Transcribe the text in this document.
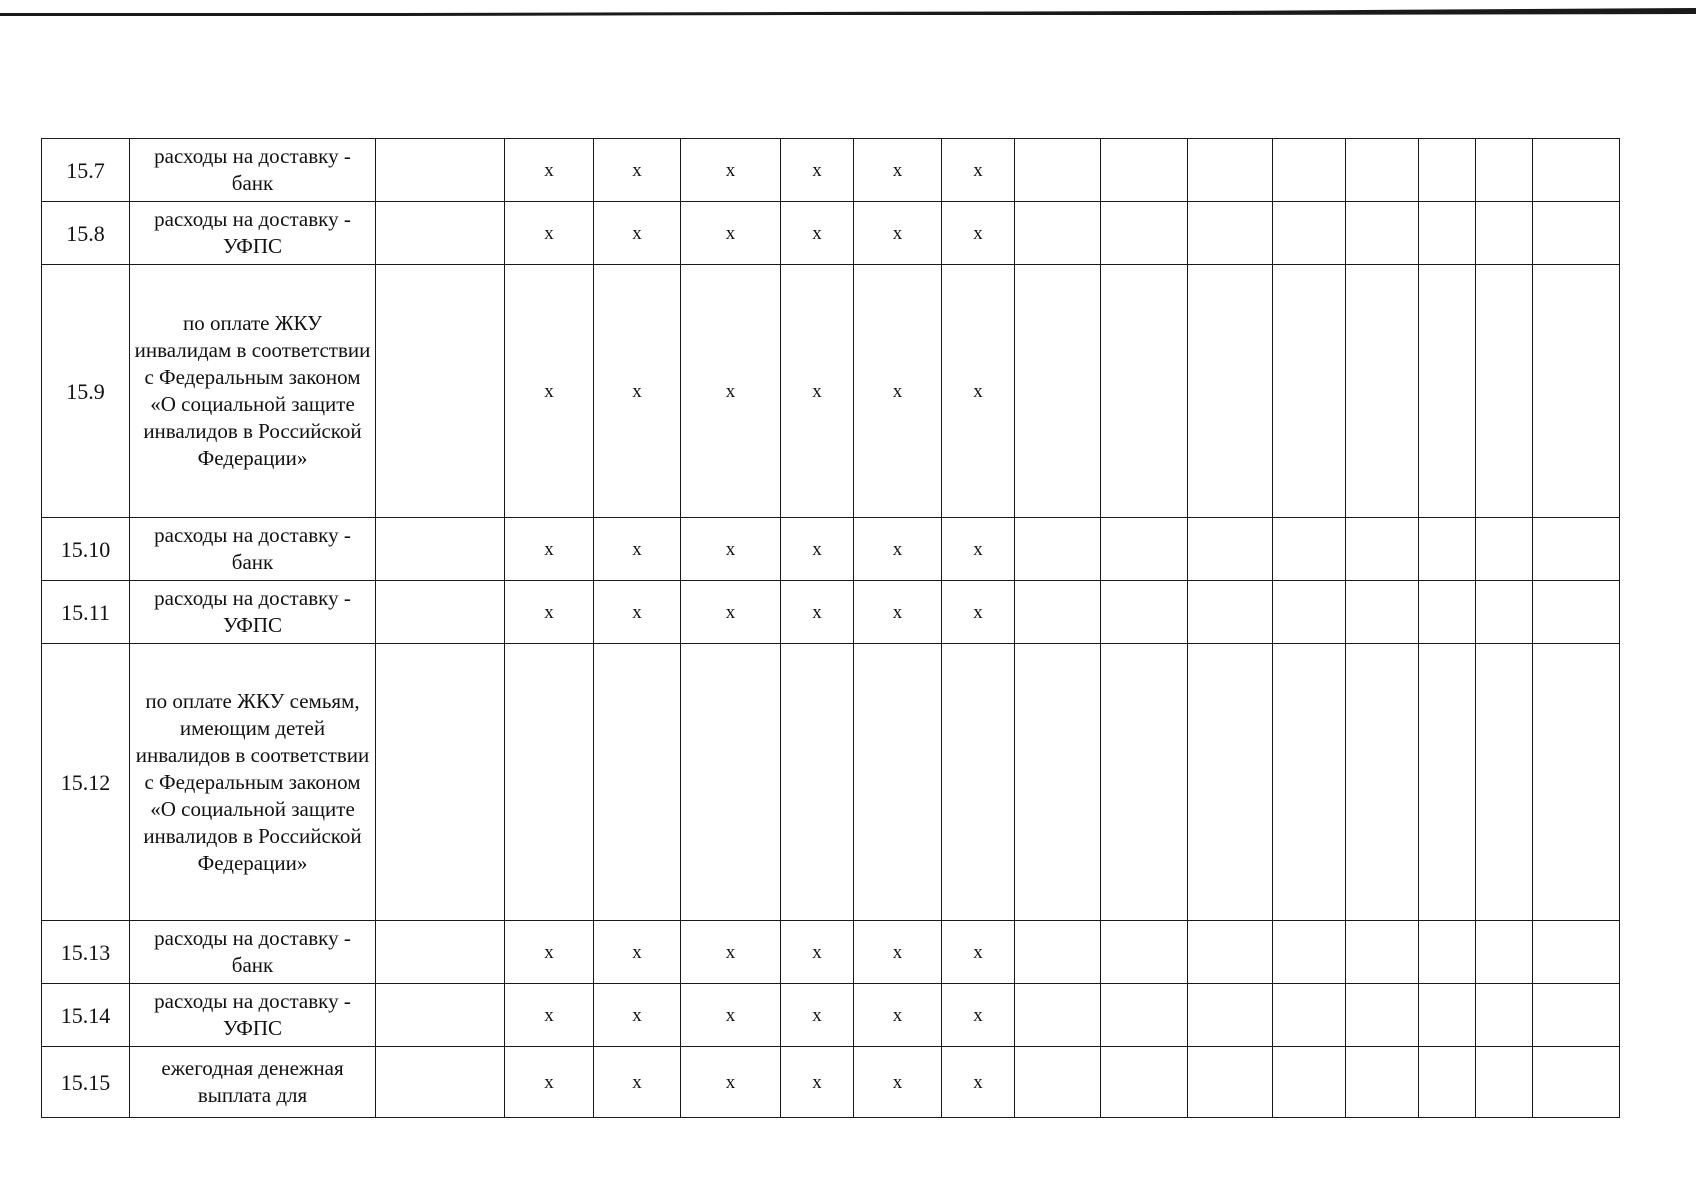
15.7	расходы на доставку - банк		x	x	x	x	x	x								
15.8	расходы на доставку - УФПС		x	x	x	x	x	x								
15.9	по оплате ЖКУ инвалидам в соответствии с Федеральным законом «О социальной защите инвалидов в Российской Федерации»		x	x	x	x	x	x								
15.10	расходы на доставку - банк		x	x	x	x	x	x								
15.11	расходы на доставку - УФПС		x	x	x	x	x	x								
15.12	по оплате ЖКУ семьям, имеющим детей инвалидов в соответствии с Федеральным законом «О социальной защите инвалидов в Российской Федерации»															
15.13	расходы на доставку - банк		x	x	x	x	x	x								
15.14	расходы на доставку - УФПС		x	x	x	x	x	x								
15.15	ежегодная денежная выплата для		x	x	x	x	x	x								
